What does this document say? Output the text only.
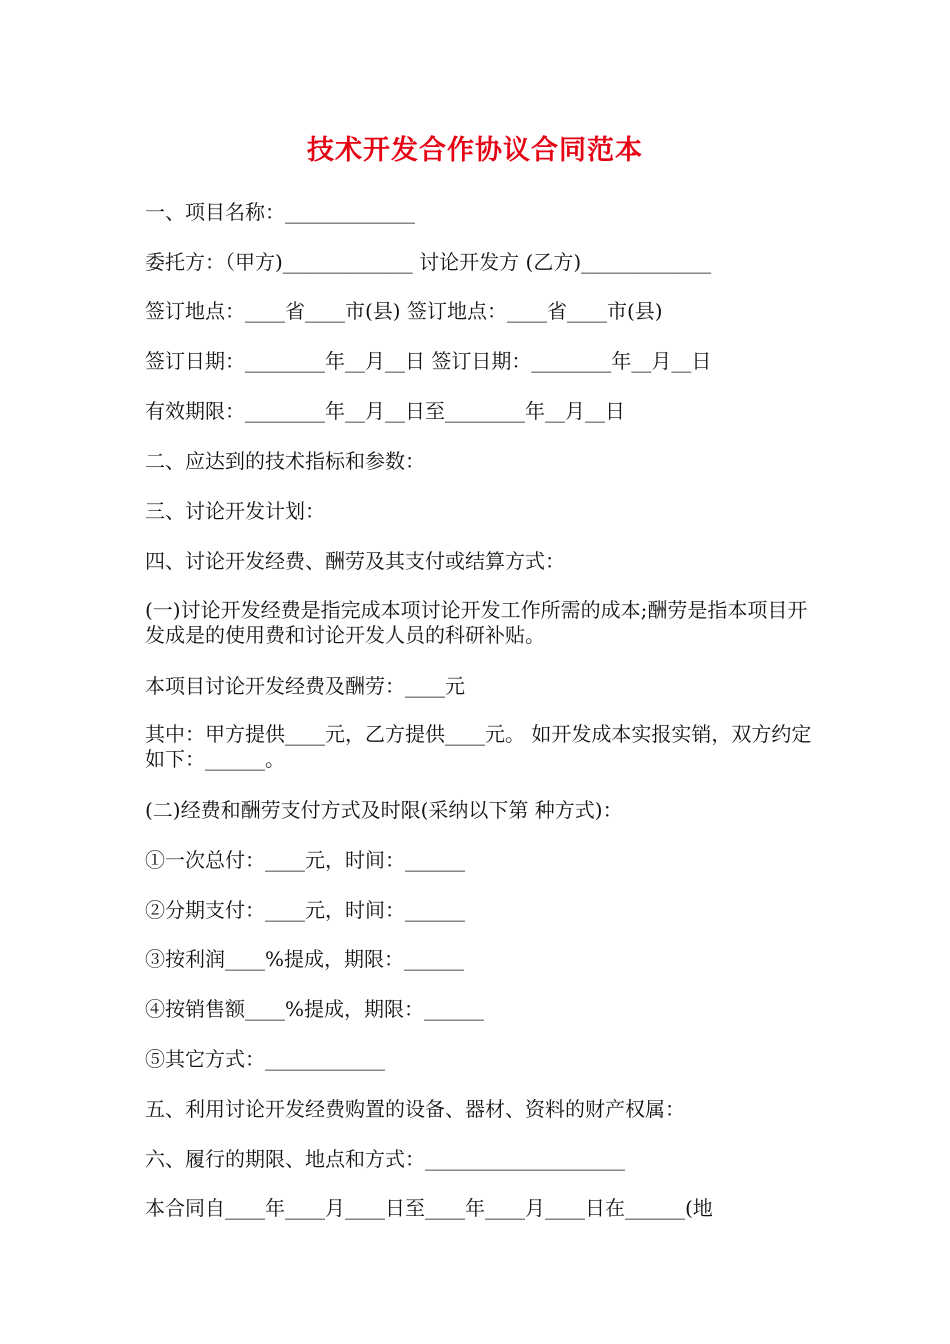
技术开发合作协议合同范本
一、项目名称：_____________
委托方：（甲方)_____________ 讨论开发方 (乙方)_____________
签订地点：____省____市(县) 签订地点：____省____市(县)
签订日期：________年__月__日 签订日期：________年__月__日
有效期限：________年__月__日至________年__月__日
二、应达到的技术指标和参数：
三、讨论开发计划：
四、讨论开发经费、酬劳及其支付或结算方式：
(一)讨论开发经费是指完成本项讨论开发工作所需的成本;酬劳是指本项目开发成是的使用费和讨论开发人员的科研补贴。
本项目讨论开发经费及酬劳：____元
其中：甲方提供____元，乙方提供____元。 如开发成本实报实销，双方约定如下：______。
(二)经费和酬劳支付方式及时限(采纳以下第 种方式)：
①一次总付：____元，时间：______
②分期支付：____元，时间：______
③按利润____%提成，期限：______
④按销售额____%提成，期限：______
⑤其它方式：____________
五、利用讨论开发经费购置的设备、器材、资料的财产权属：
六、履行的期限、地点和方式：____________________
本合同自____年____月____日至____年____月____日在______(地
